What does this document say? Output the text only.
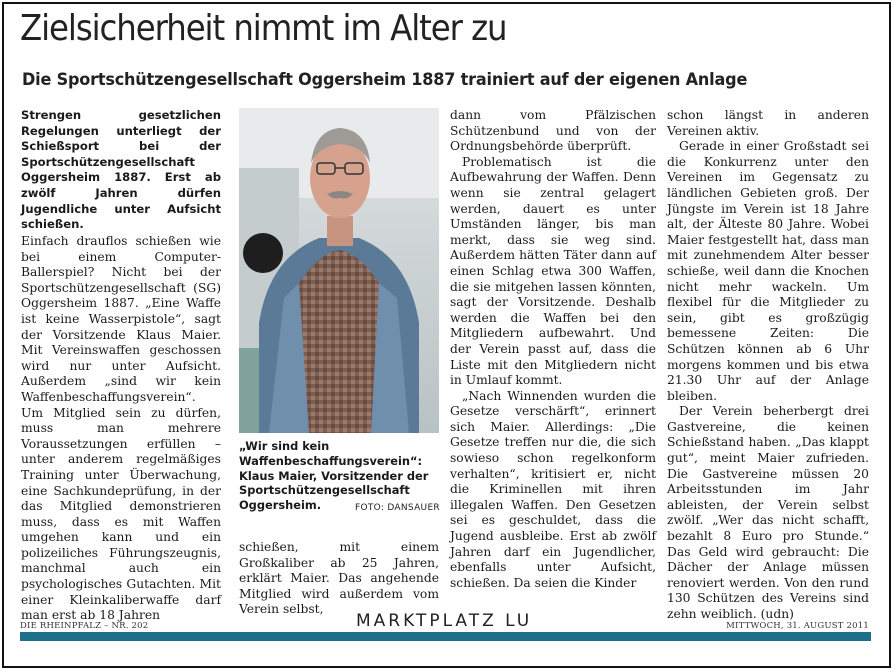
Zielsicherheit nimmt im Alter zu
Die Sportschützengesellschaft Oggersheim 1887 trainiert auf der eigenen Anlage
Strengen gesetzlichen Regelungen unterliegt der Schießsport bei der Sportschützengesellschaft Oggersheim 1887. Erst ab zwölf Jahren dürfen Jugendliche unter Aufsicht schießen.

Einfach drauflos schießen wie bei einem Computer-Ballerspiel? Nicht bei der Sportschützengesellschaft (SG) Oggersheim 1887. „Eine Waffe ist keine Wasserpistole“, sagt der Vorsitzende Klaus Maier. Mit Vereinswaffen geschossen wird nur unter Aufsicht. Außerdem „sind wir kein Waffenbeschaffungsverein“. Um Mitglied sein zu dürfen, muss man mehrere Voraussetzungen erfüllen – unter anderem regelmäßiges Training unter Überwachung, eine Sachkundeprüfung, in der das Mitglied demonstrieren muss, dass es mit Waffen umgehen kann und ein polizeiliches Führungszeugnis, manchmal auch ein psychologisches Gutachten. Mit einer Kleinkaliberwaffe darf man erst ab 18 Jahren

„Wir sind kein Waffenbeschaffungsverein“: Klaus Maier, Vorsitzender der Sportschützengesellschaft Oggersheim.	FOTO: DANSAUER

schießen, mit einem Großkaliber ab 25 Jahren, erklärt Maier. Das angehende Mitglied wird außerdem vom Verein selbst,

dann vom Pfälzischen Schützenbund und von der Ordnungsbehörde überprüft.

Problematisch ist die Aufbewahrung der Waffen. Denn wenn sie zentral gelagert werden, dauert es unter Umständen länger, bis man merkt, dass sie weg sind. Außerdem hätten Täter dann auf einen Schlag etwa 300 Waffen, die sie mitgehen lassen könnten, sagt der Vorsitzende. Deshalb werden die Waffen bei den Mitgliedern aufbewahrt. Und der Verein passt auf, dass die Liste mit den Mitgliedern nicht in Umlauf kommt.

„Nach Winnenden wurden die Gesetze verschärft“, erinnert sich Maier. Allerdings: „Die Gesetze treffen nur die, die sich sowieso schon regelkonform verhalten“, kritisiert er, nicht die Kriminellen mit ihren illegalen Waffen. Den Gesetzen sei es geschuldet, dass die Jugend ausbleibe. Erst ab zwölf Jahren darf ein Jugendlicher, ebenfalls unter Aufsicht, schießen. Da seien die Kinder

schon längst in anderen Vereinen aktiv.

Gerade in einer Großstadt sei die Konkurrenz unter den Vereinen im Gegensatz zu ländlichen Gebieten groß. Der Jüngste im Verein ist 18 Jahre alt, der Älteste 80 Jahre. Wobei Maier festgestellt hat, dass man mit zunehmendem Alter besser schieße, weil dann die Knochen nicht mehr wackeln. Um flexibel für die Mitglieder zu sein, gibt es großzügig bemessene Zeiten: Die Schützen können ab 6 Uhr morgens kommen und bis etwa 21.30 Uhr auf der Anlage bleiben.

Der Verein beherbergt drei Gastvereine, die keinen Schießstand haben. „Das klappt gut“, meint Maier zufrieden. Die Gastvereine müssen 20 Arbeitsstunden im Jahr ableisten, der Verein selbst zwölf. „Wer das nicht schafft, bezahlt 8 Euro pro Stunde.“ Das Geld wird gebraucht: Die Dächer der Anlage müssen renoviert werden. Von den rund 130 Schützen des Vereins sind zehn weiblich. (udn)

DIE RHEINPFALZ – NR. 202	MARKTPLATZ LU	MITTWOCH, 31. AUGUST 2011
